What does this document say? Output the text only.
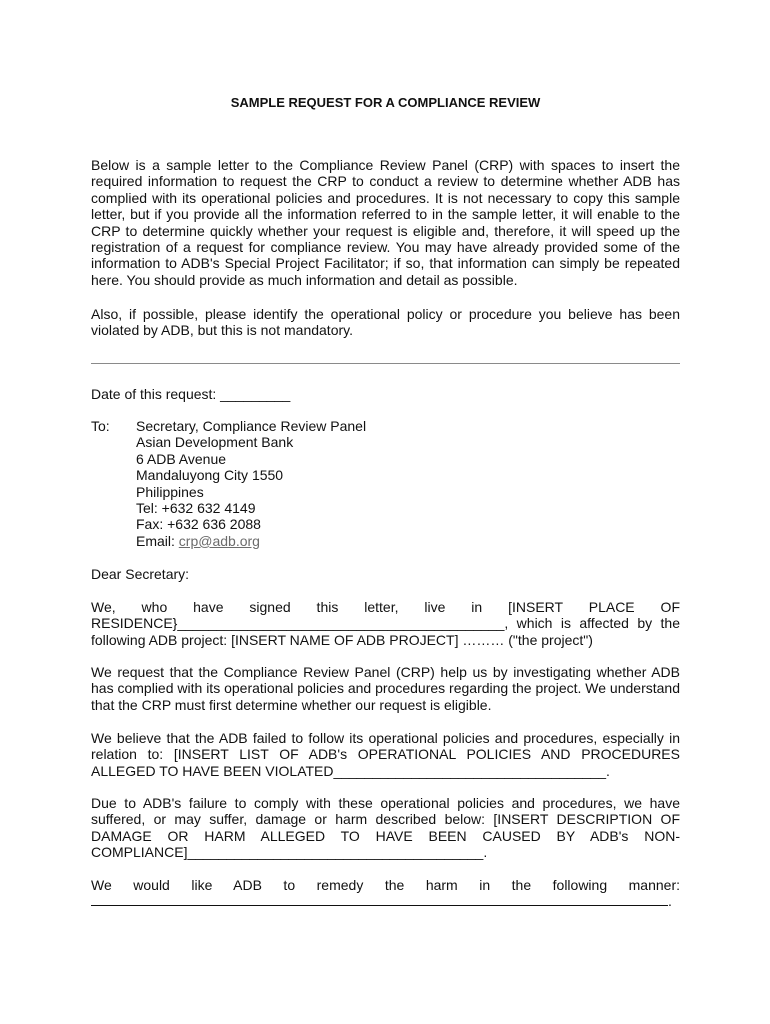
SAMPLE REQUEST FOR A COMPLIANCE REVIEW

Below is a sample letter to the Compliance Review Panel (CRP) with spaces to insert the required information to request the CRP to conduct a review to determine whether ADB has complied with its operational policies and procedures. It is not necessary to copy this sample letter, but if you provide all the information referred to in the sample letter, it will enable to the CRP to determine quickly whether your request is eligible and, therefore, it will speed up the registration of a request for compliance review. You may have already provided some of the information to ADB's Special Project Facilitator; if so, that information can simply be repeated here. You should provide as much information and detail as possible.

Also, if possible, please identify the operational policy or procedure you believe has been violated by ADB, but this is not mandatory.

Date of this request: _________
To: Secretary, Compliance Review Panel
Asian Development Bank
6 ADB Avenue
Mandaluyong City 1550
Philippines
Tel: +632 632 4149
Fax: +632 636 2088
Email: crp@adb.org
Dear Secretary:
We, who have signed this letter, live in [INSERT PLACE OF
RESIDENCE}__________________________________________, which is affected by the
following ADB project: [INSERT NAME OF ADB PROJECT] ……… ("the project")

We request that the Compliance Review Panel (CRP) help us by investigating whether ADB has complied with its operational policies and procedures regarding the project. We understand that the CRP must first determine whether our request is eligible.

We believe that the ADB failed to follow its operational policies and procedures, especially in
relation to: [INSERT LIST OF ADB's OPERATIONAL POLICIES AND PROCEDURES
ALLEGED TO HAVE BEEN VIOLATED___________________________________.
Due to ADB's failure to comply with these operational policies and procedures, we have
suffered, or may suffer, damage or harm described below: [INSERT DESCRIPTION OF
DAMAGE OR HARM ALLEGED TO HAVE BEEN CAUSED BY ADB's NON-
COMPLIANCE]______________________________________.
We would like ADB to remedy the harm in the following manner:
.
